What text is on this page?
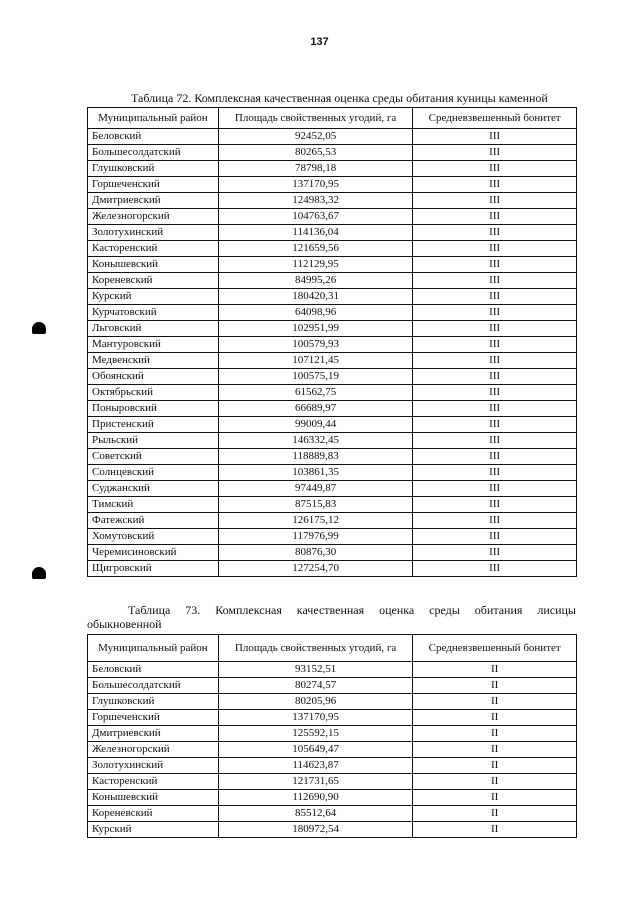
137
Таблица 72. Комплексная качественная оценка среды обитания куницы каменной
Муниципальный район	Площадь свойственных угодий, га	Средневзвешенный бонитет
Беловский	92452,05	III
Большесолдатский	80265,53	III
Глушковский	78798,18	III
Горшеченский	137170,95	III
Дмитриевский	124983,32	III
Железногорский	104763,67	III
Золотухинский	114136,04	III
Касторенский	121659,56	III
Конышевский	112129,95	III
Кореневский	84995,26	III
Курский	180420,31	III
Курчатовский	64098,96	III
Льговский	102951,99	III
Мантуровский	100579,93	III
Медвенский	107121,45	III
Обоянский	100575,19	III
Октябрьский	61562,75	III
Поныровский	66689,97	III
Пристенский	99009,44	III
Рыльский	146332,45	III
Советский	118889,83	III
Солнцевский	103861,35	III
Суджанский	97449,87	III
Тимский	87515,83	III
Фатежский	126175,12	III
Хомутовский	117976,99	III
Черемисиновский	80876,30	III
Щигровский	127254,70	III
Таблица 73. Комплексная качественная оценка среды обитания лисицы
обыкновенной
Муниципальный район	Площадь свойственных угодий, га	Средневзвешенный бонитет
Беловский	93152,51	II
Большесолдатский	80274,57	II
Глушковский	80205,96	II
Горшеченский	137170,95	II
Дмитриевский	125592,15	II
Железногорский	105649,47	II
Золотухинский	114623,87	II
Касторенский	121731,65	II
Конышевский	112690,90	II
Кореневский	85512,64	II
Курский	180972,54	II
